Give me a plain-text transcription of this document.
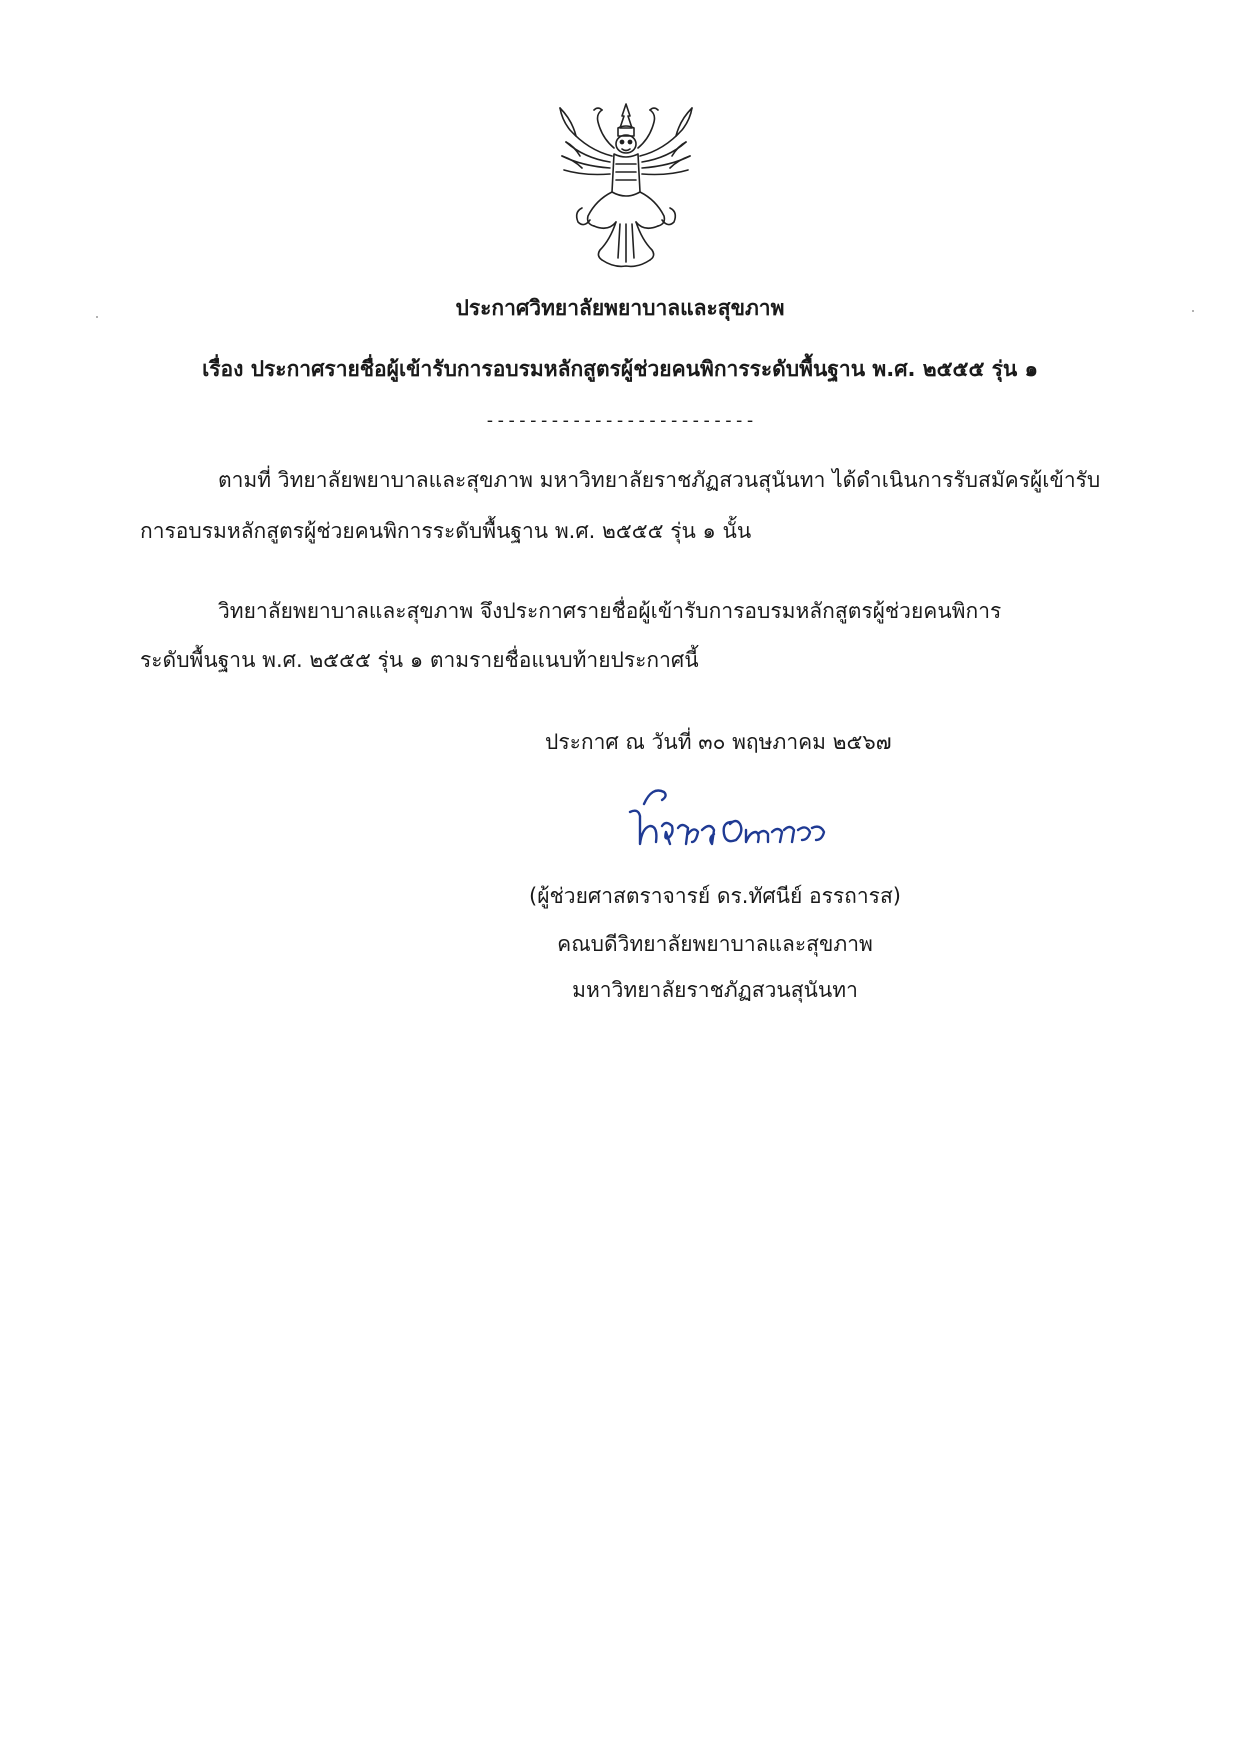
ประกาศวิทยาลัยพยาบาลและสุขภาพ
เรื่อง ประกาศรายชื่อผู้เข้ารับการอบรมหลักสูตรผู้ช่วยคนพิการระดับพื้นฐาน พ.ศ. ๒๕๕๕ รุ่น ๑
-------------------------
ตามที่ วิทยาลัยพยาบาลและสุขภาพ มหาวิทยาลัยราชภัฏสวนสุนันทา ได้ดำเนินการรับสมัครผู้เข้ารับ
การอบรมหลักสูตรผู้ช่วยคนพิการระดับพื้นฐาน พ.ศ. ๒๕๕๕ รุ่น ๑ นั้น
วิทยาลัยพยาบาลและสุขภาพ จึงประกาศรายชื่อผู้เข้ารับการอบรมหลักสูตรผู้ช่วยคนพิการ
ระดับพื้นฐาน พ.ศ. ๒๕๕๕ รุ่น ๑ ตามรายชื่อแนบท้ายประกาศนี้
ประกาศ ณ วันที่ ๓๐ พฤษภาคม ๒๕๖๗
(ผู้ช่วยศาสตราจารย์ ดร.ทัศนีย์ อรรถารส)
คณบดีวิทยาลัยพยาบาลและสุขภาพ
มหาวิทยาลัยราชภัฏสวนสุนันทา
